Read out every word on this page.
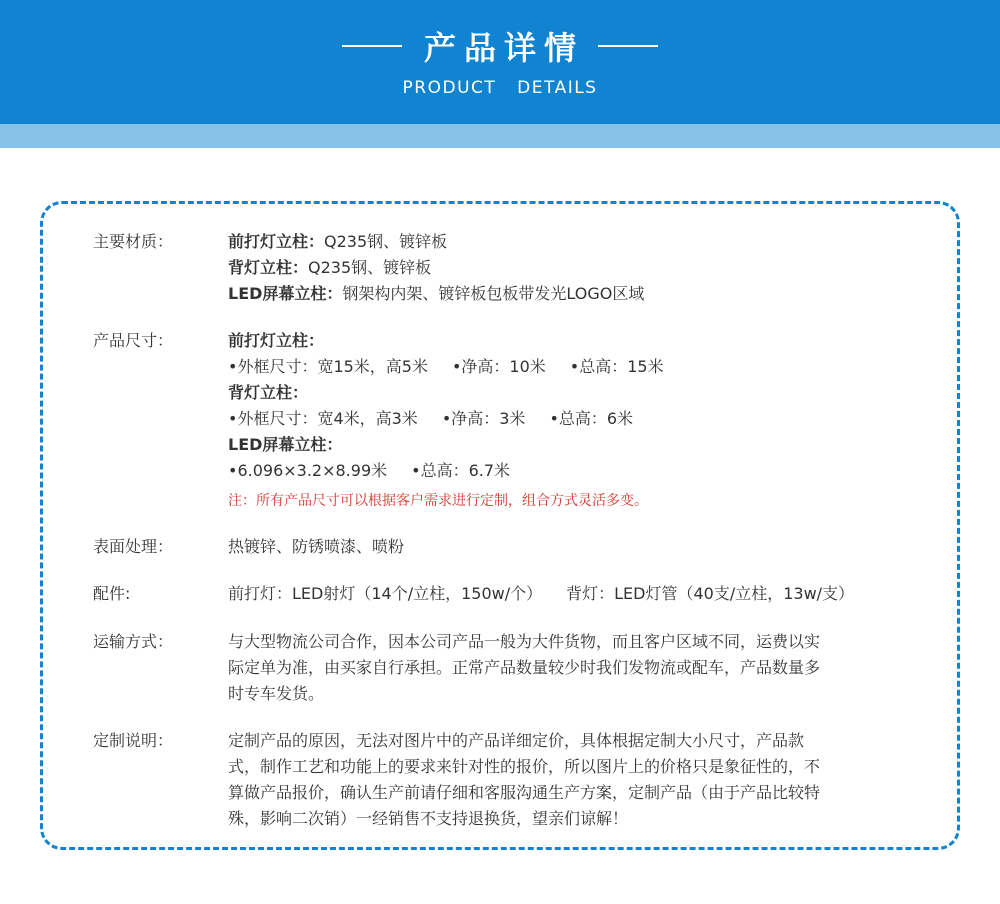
产品详情
PRODUCT DETAILS
主要材质：	前打灯立柱：Q235钢、镀锌板
背灯立柱：Q235钢、镀锌板
LED屏幕立柱：钢架构内架、镀锌板包板带发光LOGO区域
产品尺寸：	前打灯立柱：
•外框尺寸：宽15米，高5米 •净高：10米 •总高：15米
背灯立柱：
•外框尺寸：宽4米，高3米 •净高：3米 •总高：6米
LED屏幕立柱：
•6.096×3.2×8.99米 •总高：6.7米
注：所有产品尺寸可以根据客户需求进行定制，组合方式灵活多变。
表面处理：	热镀锌、防锈喷漆、喷粉
配件:	前打灯：LED射灯（14个/立柱，150w/个） 背灯：LED灯管（40支/立柱，13w/支）
运输方式：	与大型物流公司合作，因本公司产品一般为大件货物，而且客户区域不同，运费以实
际定单为准，由买家自行承担。正常产品数量较少时我们发物流或配车，产品数量多
时专车发货。
定制说明：	定制产品的原因，无法对图片中的产品详细定价，具体根据定制大小尺寸，产品款
式，制作工艺和功能上的要求来针对性的报价，所以图片上的价格只是象征性的，不
算做产品报价，确认生产前请仔细和客服沟通生产方案，定制产品（由于产品比较特
殊，影响二次销）一经销售不支持退换货，望亲们谅解！
